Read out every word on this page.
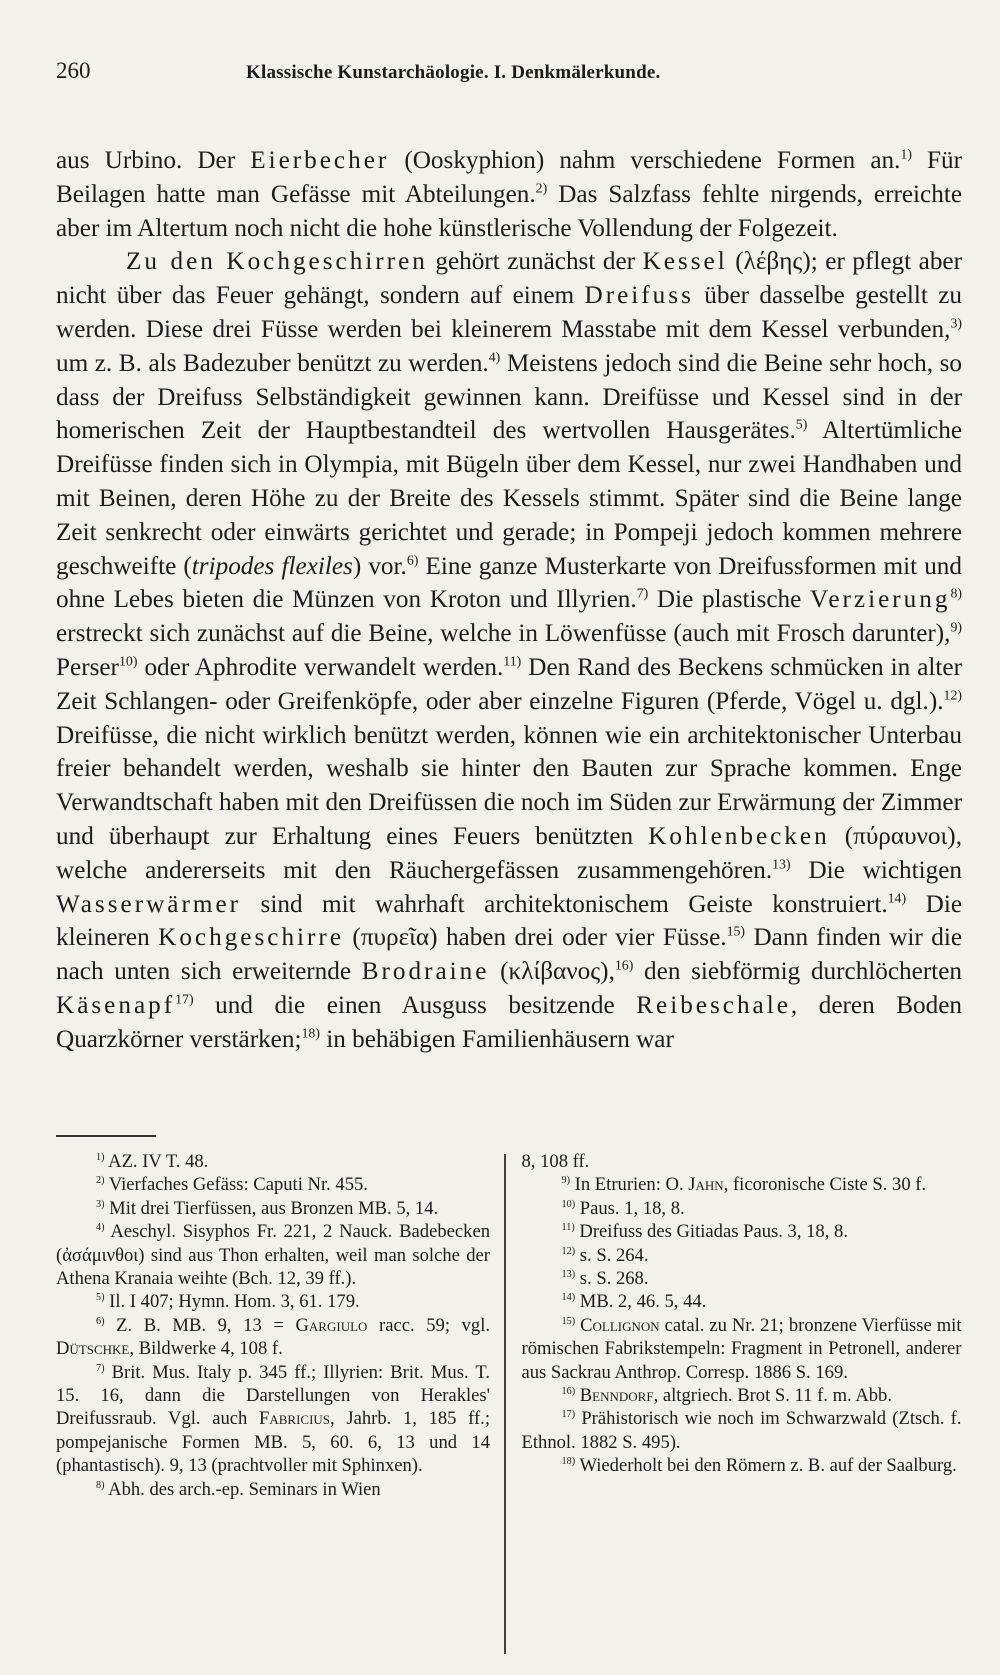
260	Klassische Kunstarchäologie. I. Denkmälerkunde.

aus Urbino. Der Eierbecher (Ooskyphion) nahm verschiedene Formen an.$^{1)}$ Für Beilagen hatte man Gefässe mit Abteilungen.$^{2)}$ Das Salzfass fehlte nirgends, erreichte aber im Altertum noch nicht die hohe künstlerische Vollendung der Folgezeit.

Zu den Kochgeschirren gehört zunächst der Kessel (λέβης); er pflegt aber nicht über das Feuer gehängt, sondern auf einem Dreifuss über dasselbe gestellt zu werden. Diese drei Füsse werden bei kleinerem Masstabe mit dem Kessel verbunden,$^{3)}$ um z. B. als Badezuber benützt zu werden.$^{4)}$ Meistens jedoch sind die Beine sehr hoch, so dass der Dreifuss Selbständigkeit gewinnen kann. Dreifüsse und Kessel sind in der homerischen Zeit der Hauptbestandteil des wertvollen Hausgerätes.$^{5)}$ Altertümliche Dreifüsse finden sich in Olympia, mit Bügeln über dem Kessel, nur zwei Handhaben und mit Beinen, deren Höhe zu der Breite des Kessels stimmt. Später sind die Beine lange Zeit senkrecht oder einwärts gerichtet und gerade; in Pompeji jedoch kommen mehrere geschweifte (tripodes flexiles) vor.$^{6)}$ Eine ganze Musterkarte von Dreifussformen mit und ohne Lebes bieten die Münzen von Kroton und Illyrien.$^{7)}$ Die plastische Verzierung$^{8)}$ erstreckt sich zunächst auf die Beine, welche in Löwenfüsse (auch mit Frosch darunter),$^{9)}$ Perser$^{10)}$ oder Aphrodite verwandelt werden.$^{11)}$ Den Rand des Beckens schmücken in alter Zeit Schlangen- oder Greifenköpfe, oder aber einzelne Figuren (Pferde, Vögel u. dgl.).$^{12)}$ Dreifüsse, die nicht wirklich benützt werden, können wie ein architektonischer Unterbau freier behandelt werden, weshalb sie hinter den Bauten zur Sprache kommen. Enge Verwandtschaft haben mit den Dreifüssen die noch im Süden zur Erwärmung der Zimmer und überhaupt zur Erhaltung eines Feuers benützten Kohlenbecken (πύραυνοι), welche andererseits mit den Räuchergefässen zusammengehören.$^{13)}$ Die wichtigen Wasserwärmer sind mit wahrhaft architektonischem Geiste konstruiert.$^{14)}$ Die kleineren Kochgeschirre (πυρεῖα) haben drei oder vier Füsse.$^{15)}$ Dann finden wir die nach unten sich erweiternde Brodraine (κλίβανος),$^{16)}$ den siebförmig durchlöcherten Käsenapf$^{17)}$ und die einen Ausguss besitzende Reibeschale, deren Boden Quarzkörner verstärken;$^{18)}$ in behäbigen Familienhäusern war

$^{1)}$ AZ. IV T. 48.

$^{2)}$ Vierfaches Gefäss: Caputi Nr. 455.

$^{3)}$ Mit drei Tierfüssen, aus Bronzen MB. 5, 14.

$^{4)}$ Aeschyl. Sisyphos Fr. 221, 2 Nauck. Badebecken (ἀσάμινθοι) sind aus Thon erhalten, weil man solche der Athena Kranaia weihte (Bch. 12, 39 ff.).

$^{5)}$ Il. I 407; Hymn. Hom. 3, 61. 179.

$^{6)}$ Z. B. MB. 9, 13 = Gargiulo racc. 59; vgl. Dütschke, Bildwerke 4, 108 f.

$^{7)}$ Brit. Mus. Italy p. 345 ff.; Illyrien: Brit. Mus. T. 15. 16, dann die Darstellungen von Herakles' Dreifussraub. Vgl. auch Fabricius, Jahrb. 1, 185 ff.; pompejanische Formen MB. 5, 60. 6, 13 und 14 (phantastisch). 9, 13 (prachtvoller mit Sphinxen).

$^{8)}$ Abh. des arch.-ep. Seminars in Wien

8, 108 ff.

$^{9)}$ In Etrurien: O. Jahn, ficoronische Ciste S. 30 f.

$^{10)}$ Paus. 1, 18, 8.

$^{11)}$ Dreifuss des Gitiadas Paus. 3, 18, 8.

$^{12)}$ s. S. 264.

$^{13)}$ s. S. 268.

$^{14)}$ MB. 2, 46. 5, 44.

$^{15)}$ Collignon catal. zu Nr. 21; bronzene Vierfüsse mit römischen Fabrikstempeln: Fragment in Petronell, anderer aus Sackrau Anthrop. Corresp. 1886 S. 169.

$^{16)}$ Benndorf, altgriech. Brot S. 11 f. m. Abb.

$^{17)}$ Prähistorisch wie noch im Schwarzwald (Ztsch. f. Ethnol. 1882 S. 495).

$^{18)}$ Wiederholt bei den Römern z. B. auf der Saalburg.
